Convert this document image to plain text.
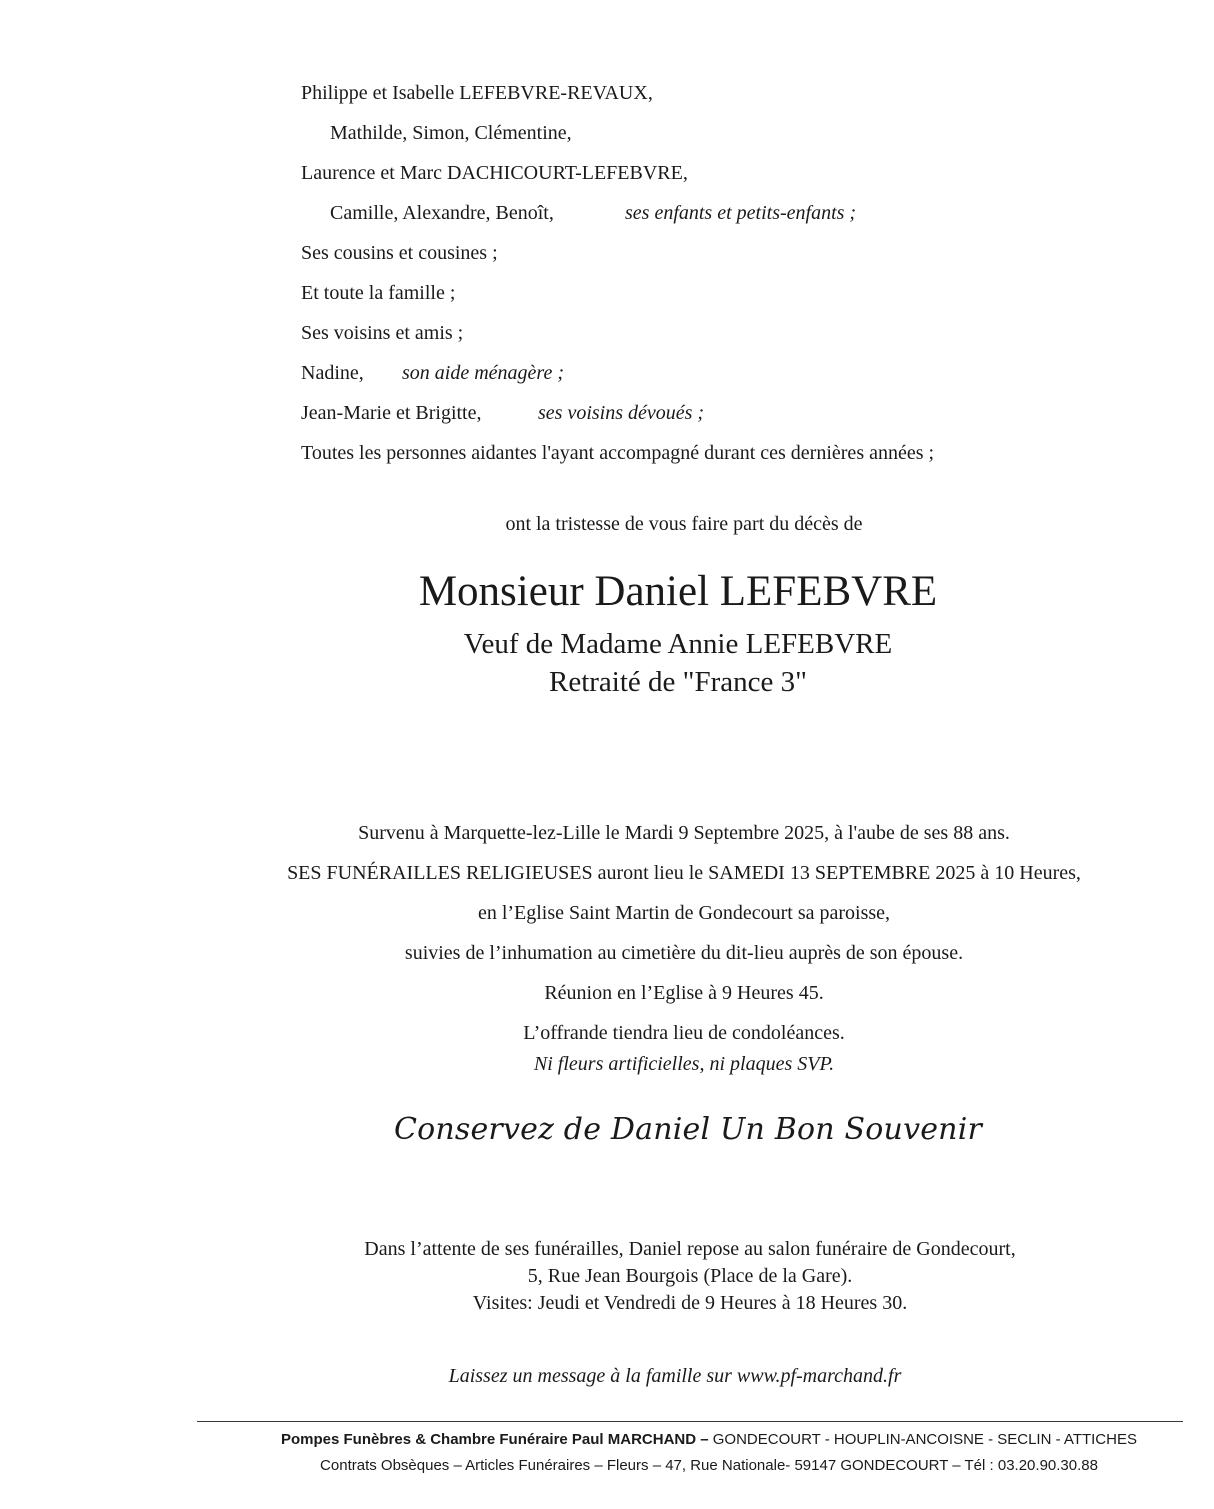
Philippe et Isabelle LEFEBVRE-REVAUX,
Mathilde, Simon, Clémentine,
Laurence et Marc DACHICOURT-LEFEBVRE,
Camille, Alexandre, Benoît,	ses enfants et petits-enfants ;
Ses cousins et cousines ;
Et toute la famille ;
Ses voisins et amis ;
Nadine, son aide ménagère ;
Jean-Marie et Brigitte,	ses voisins dévoués ;
Toutes les personnes aidantes l'ayant accompagné durant ces dernières années ;
ont la tristesse de vous faire part du décès de
Monsieur Daniel LEFEBVRE
Veuf de Madame Annie LEFEBVRE
Retraité de "France 3"
Survenu à Marquette-lez-Lille le Mardi 9 Septembre 2025, à l'aube de ses 88 ans.
SES FUNÉRAILLES RELIGIEUSES auront lieu le SAMEDI 13 SEPTEMBRE 2025 à 10 Heures,
en l’Eglise Saint Martin de Gondecourt sa paroisse,
suivies de l’inhumation au cimetière du dit-lieu auprès de son épouse.
Réunion en l’Eglise à 9 Heures 45.
L’offrande tiendra lieu de condoléances.
Ni fleurs artificielles, ni plaques SVP.
Conservez de Daniel Un Bon Souvenir
Dans l’attente de ses funérailles, Daniel repose au salon funéraire de Gondecourt,
5, Rue Jean Bourgois (Place de la Gare).
Visites: Jeudi et Vendredi de 9 Heures à 18 Heures 30.
Laissez un message à la famille sur www.pf-marchand.fr
Pompes Funèbres & Chambre Funéraire Paul MARCHAND – GONDECOURT - HOUPLIN-ANCOISNE - SECLIN - ATTICHES
Contrats Obsèques – Articles Funéraires – Fleurs – 47, Rue Nationale- 59147 GONDECOURT – Tél : 03.20.90.30.88
